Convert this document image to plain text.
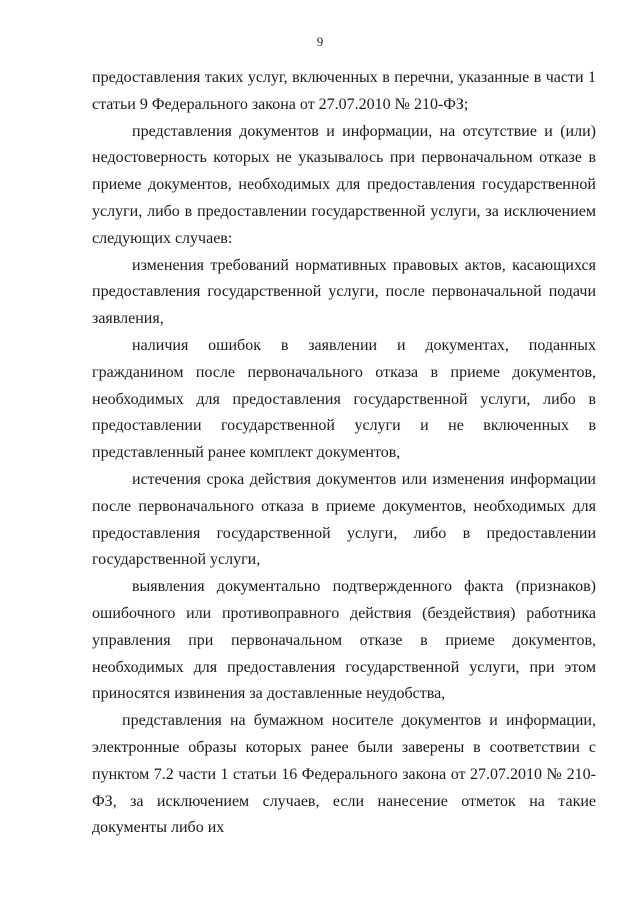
9

предоставления таких услуг, включенных в перечни, указанные в части 1 статьи 9 Федерального закона от 27.07.2010 № 210-ФЗ;

представления документов и информации, на отсутствие и (или) недостоверность которых не указывалось при первоначальном отказе в приеме документов, необходимых для предоставления государственной услуги, либо в предоставлении государственной услуги, за исключением следующих случаев:

изменения требований нормативных правовых актов, касающихся предоставления государственной услуги, после первоначальной подачи заявления,

наличия ошибок в заявлении и документах, поданных гражданином после первоначального отказа в приеме документов, необходимых для предоставления государственной услуги, либо в предоставлении государственной услуги и не включенных в представленный ранее комплект документов,

истечения срока действия документов или изменения информации после первоначального отказа в приеме документов, необходимых для предоставления государственной услуги, либо в предоставлении государственной услуги,

выявления документально подтвержденного факта (признаков) ошибочного или противоправного действия (бездействия) работника управления при первоначальном отказе в приеме документов, необходимых для предоставления государственной услуги, при этом приносятся извинения за доставленные неудобства,

представления на бумажном носителе документов и информации, электронные образы которых ранее были заверены в соответствии с пунктом 7.2 части 1 статьи 16 Федерального закона от 27.07.2010 № 210-ФЗ, за исключением случаев, если нанесение отметок на такие документы либо их
